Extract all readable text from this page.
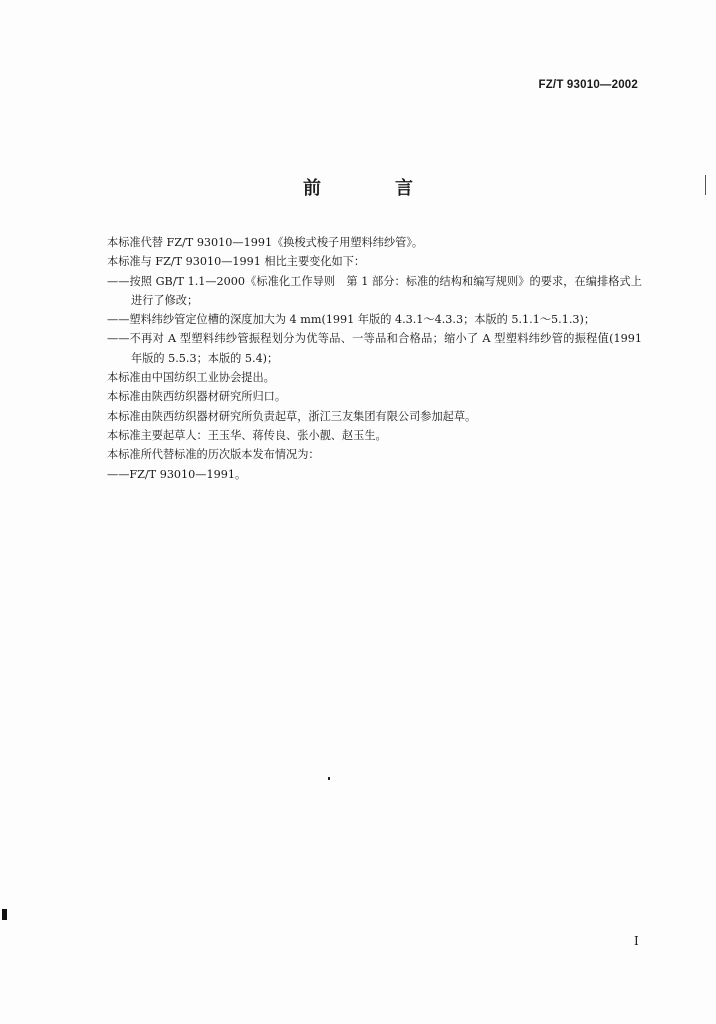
FZ/T 93010—2002
前　言

本标准代替 FZ/T 93010—1991《换梭式梭子用塑料纬纱管》。

本标准与 FZ/T 93010—1991 相比主要变化如下：

——按照 GB/T 1.1—2000《标准化工作导则　第 1 部分：标准的结构和编写规则》的要求，在编排格式上进行了修改；

——塑料纬纱管定位槽的深度加大为 4 mm(1991 年版的 4.3.1～4.3.3；本版的 5.1.1～5.1.3)；

——不再对 A 型塑料纬纱管振程划分为优等品、一等品和合格品；缩小了 A 型塑料纬纱管的振程值(1991 年版的 5.5.3；本版的 5.4)；

本标准由中国纺织工业协会提出。

本标准由陕西纺织器材研究所归口。

本标准由陕西纺织器材研究所负责起草，浙江三友集团有限公司参加起草。

本标准主要起草人：王玉华、蒋传良、张小靓、赵玉生。

本标准所代替标准的历次版本发布情况为：

——FZ/T 93010—1991。

I
